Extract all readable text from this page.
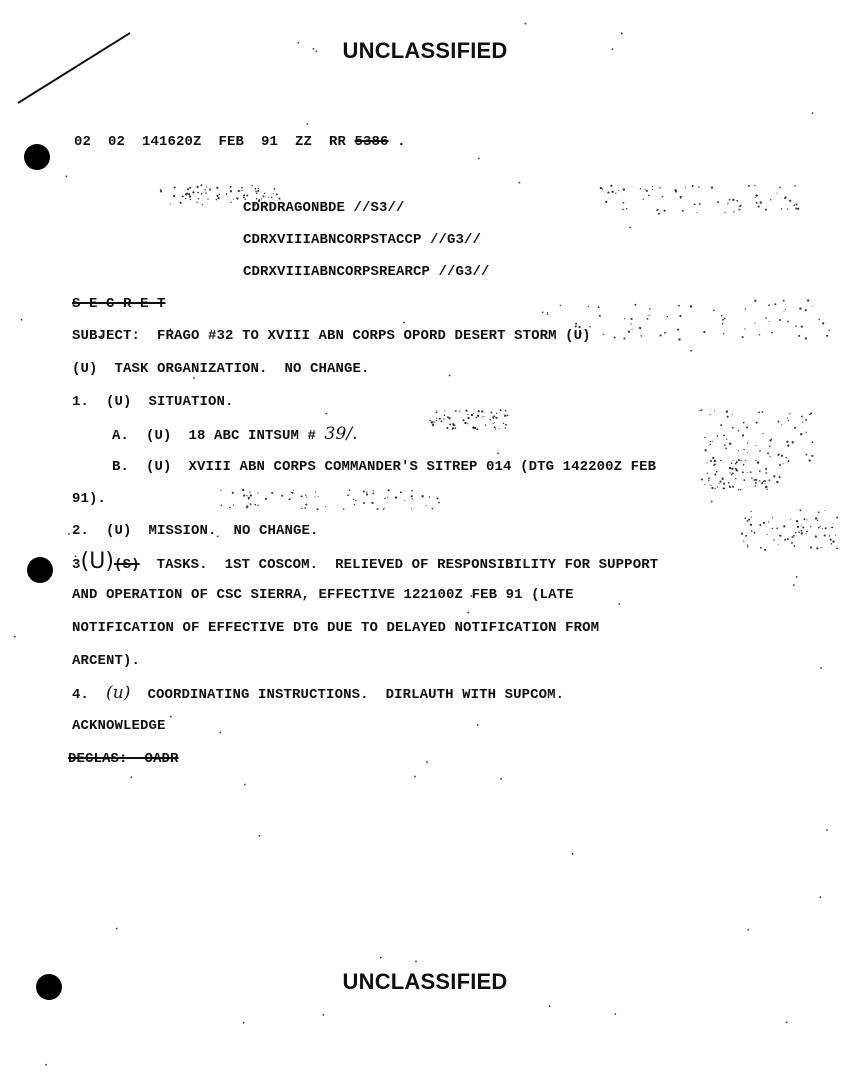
UNCLASSIFIED
02  02  141620Z  FEB  91  ZZ  RR 5386 .
CDRDRAGONBDE //S3//
CDRXVIIIABNCORPSTACCP //G3//
CDRXVIIIABNCORPSREARCP //G3//
S E C R E T
SUBJECT:  FRAGO #32 TO XVIII ABN CORPS OPORD DESERT STORM (U)
(U)  TASK ORGANIZATION.  NO CHANGE.
1.  (U)  SITUATION.
A.  (U)  18 ABC INTSUM # 39/.
B.  (U)  XVIII ABN CORPS COMMANDER'S SITREP 014 (DTG 142200Z FEB
91).
2.  (U)  MISSION.  NO CHANGE.
3(U)(S)  TASKS.  1ST COSCOM.  RELIEVED OF RESPONSIBILITY FOR SUPPORT
AND OPERATION OF CSC SIERRA, EFFECTIVE 122100Z FEB 91 (LATE
NOTIFICATION OF EFFECTIVE DTG DUE TO DELAYED NOTIFICATION FROM
ARCENT).
4.  (u)  COORDINATING INSTRUCTIONS.  DIRLAUTH WITH SUPCOM.
ACKNOWLEDGE
DECLAS:  OADR
UNCLASSIFIED
